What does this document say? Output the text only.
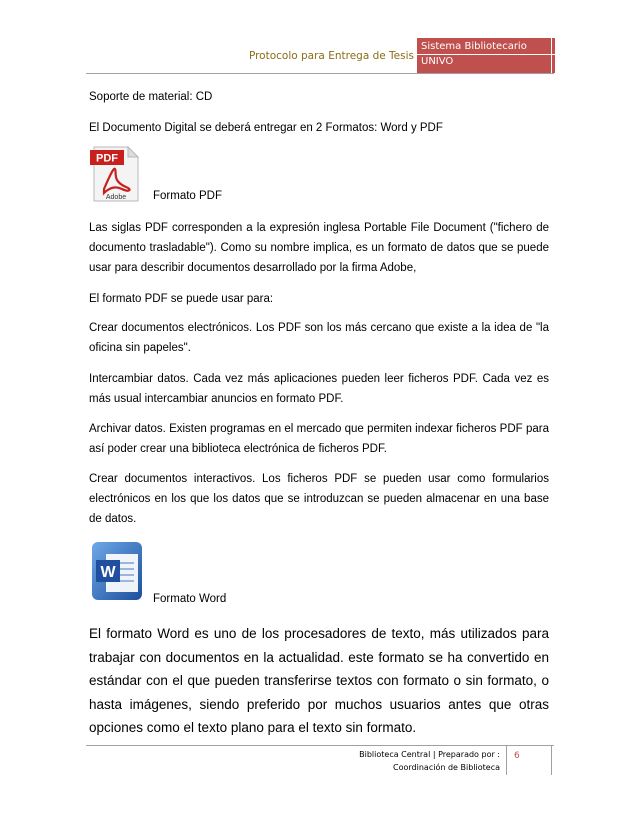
Protocolo para Entrega de Tesis
Sistema Bibliotecario
UNIVO
Soporte de material: CD
El Documento Digital se deberá entregar en 2 Formatos: Word y PDF
PDF
Adobe Formato PDF
Las siglas PDF corresponden a la expresión inglesa Portable File Document ("fichero de documento trasladable"). Como su nombre implica, es un formato de datos que se puede usar para describir documentos desarrollado por la firma Adobe,
El formato PDF se puede usar para:
Crear documentos electrónicos. Los PDF son los más cercano que existe a la idea de "la oficina sin papeles".
Intercambiar datos. Cada vez más aplicaciones pueden leer ficheros PDF. Cada vez es más usual intercambiar anuncios en formato PDF.
Archivar datos. Existen programas en el mercado que permiten indexar ficheros PDF para así poder crear una biblioteca electrónica de ficheros PDF.
Crear documentos interactivos. Los ficheros PDF se pueden usar como formularios electrónicos en los que los datos que se introduzcan se pueden almacenar en una base de datos.
W
Formato Word
El formato Word es uno de los procesadores de texto, más utilizados para trabajar con documentos en la actualidad. este formato se ha convertido en estándar con el que pueden transferirse textos con formato o sin formato, o hasta imágenes, siendo preferido por muchos usuarios antes que otras opciones como el texto plano para el texto sin formato.
Biblioteca Central | Preparado por :
Coordinación de Biblioteca
6
